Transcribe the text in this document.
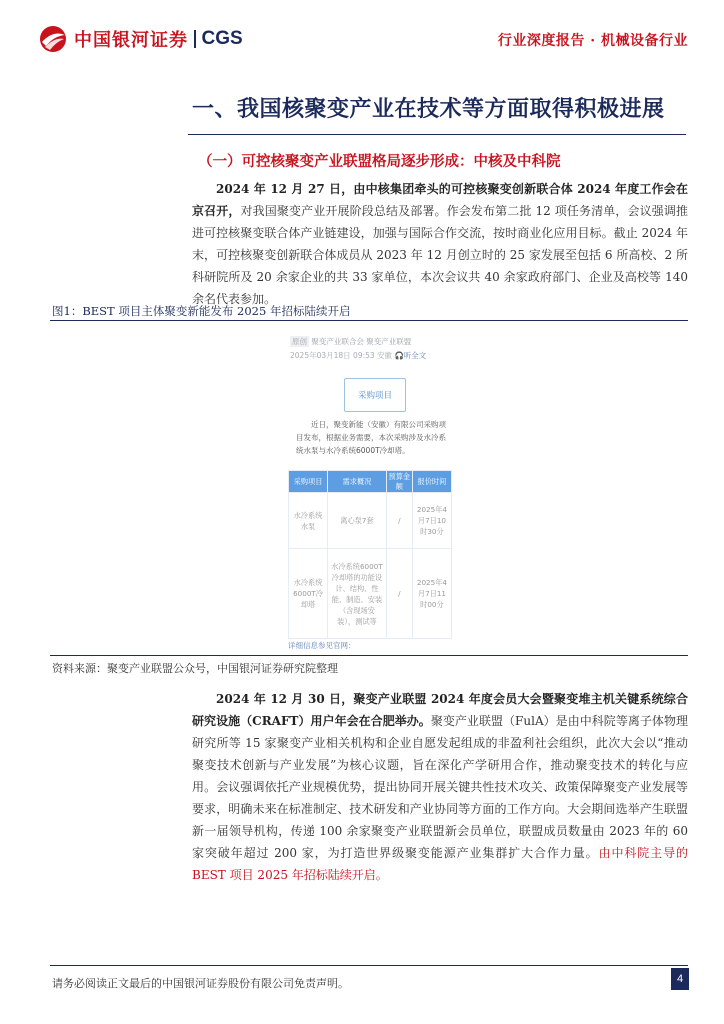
中国银河证券 CGS	行业深度报告 · 机械设备行业
一、我国核聚变产业在技术等方面取得积极进展
（一）可控核聚变产业联盟格局逐步形成：中核及中科院
2024 年 12 月 27 日，由中核集团牵头的可控核聚变创新联合体 2024 年度工作会在京召开，对我国聚变产业开展阶段总结及部署。作会发布第二批 12 项任务清单，会议强调推进可控核聚变联合体产业链建设，加强与国际合作交流，按时商业化应用目标。截止 2024 年末，可控核聚变创新联合体成员从 2023 年 12 月创立时的 25 家发展至包括 6 所高校、2 所科研院所及 20 余家企业的共 33 家单位，本次会议共 40 余家政府部门、企业及高校等 140 余名代表参加。
图1：BEST 项目主体聚变新能发布 2025 年招标陆续开启
原创 聚变产业联合会 聚变产业联盟
2025年03月18日 09:53 安徽 🎧听全文
采购项目
近日，聚变新能（安徽）有限公司采购项目发布，根据业务需要，本次采购涉及水冷系统水泵与水冷系统6000T冷却塔。
采购项目	需求概况	预算金额	报价时间
水冷系统水泵	离心泵7套	/	2025年4月7日10时30分
水冷系统6000T冷却塔	水冷系统6000T冷却塔的功能设计、结构、性能、制造、安装（含现场安装），测试等	/	2025年4月7日11时00分
详细信息参见官网：
资料来源：聚变产业联盟公众号，中国银河证券研究院整理
2024 年 12 月 30 日，聚变产业联盟 2024 年度会员大会暨聚变堆主机关键系统综合研究设施（CRAFT）用户年会在合肥举办。聚变产业联盟（FulA）是由中科院等离子体物理研究所等 15 家聚变产业相关机构和企业自愿发起组成的非盈利社会组织，此次大会以“推动聚变技术创新与产业发展”为核心议题，旨在深化产学研用合作，推动聚变技术的转化与应用。会议强调依托产业规模优势，提出协同开展关键共性技术攻关、政策保障聚变产业发展等要求，明确未来在标准制定、技术研发和产业协同等方面的工作方向。大会期间选举产生联盟新一届领导机构，传递 100 余家聚变产业联盟新会员单位，联盟成员数量由 2023 年的 60 家突破年超过 200 家，为打造世界级聚变能源产业集群扩大合作力量。由中科院主导的 BEST 项目 2025 年招标陆续开启。
请务必阅读正文最后的中国银河证券股份有限公司免责声明。	4
